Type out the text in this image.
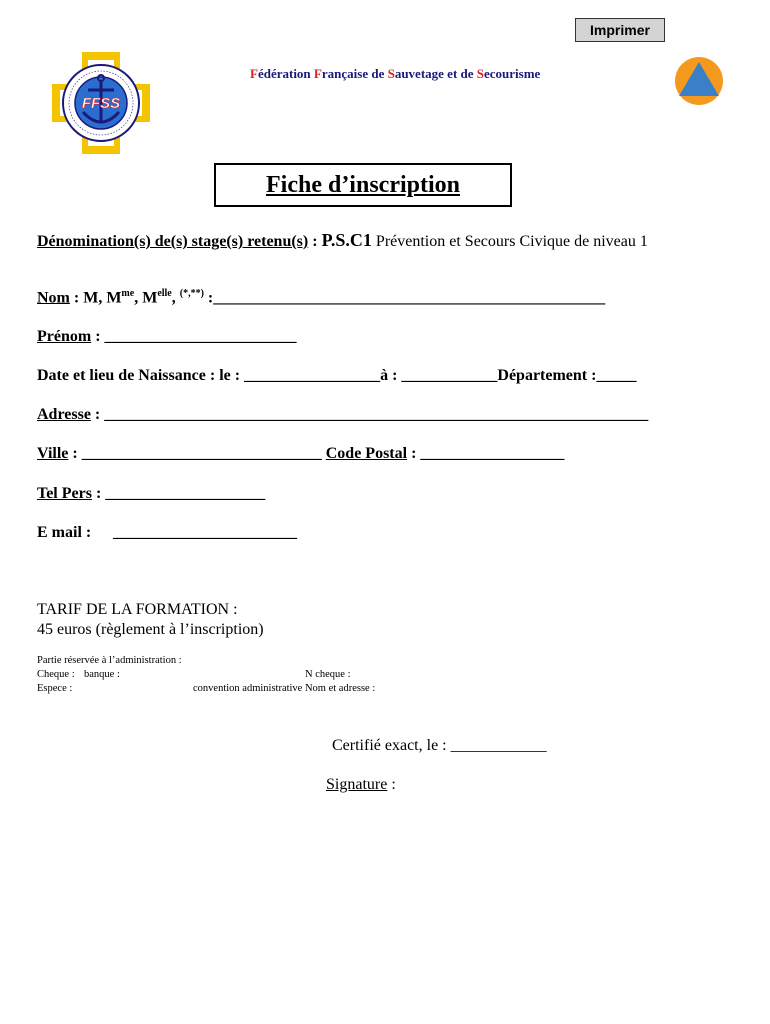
Imprimer
FFSS
Fédération Française de Sauvetage et de Secourisme
Fiche d’inscription
Dénomination(s) de(s) stage(s) retenu(s) : P.S.C1 Prévention et Secours Civique de niveau 1
Nom : M, $M^{me}$, $M^{elle}$, (*,**) :_________________________________________________
Prénom : ________________________
Date et lieu de Naissance : le : _________________à : ____________Département :_____
Adresse : ____________________________________________________________________
Ville : ______________________________ Code Postal : __________________
Tel Pers : ____________________
E mail : _______________________
TARIF DE LA FORMATION :
45 euros (règlement à l’inscription)
Partie réservée à l’administration :
Cheque : banque :	N cheque :
Espece :	convention administrative Nom et adresse :
Certifié exact, le : ____________
Signature :
